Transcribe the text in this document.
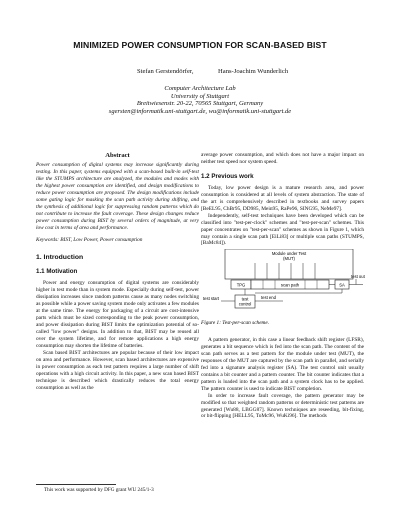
MINIMIZED POWER CONSUMPTION FOR SCAN-BASED BIST
Stefan Gerstendörfer,	Hans-Joachim Wunderlich
Computer Architecture Lab
University of Stuttgart
Breitwiesenstr. 20-22, 70565 Stuttgart, Germany
sgersten@informatik.uni-stuttgart.de, wu@informatik.uni-stuttgart.de
Abstract

Power consumption of digital systems may increase significantly during testing. In this paper, systems equipped with a scan-based built-in self-test like the STUMPS architecture are analyzed, the modules and modes with the highest power consumption are identified, and design modifications to reduce power consumption are proposed. The design modifications include some gating logic for masking the scan path activity during shifting, and the synthesis of additional logic for suppressing random patterns which do not contribute to increase the fault coverage. These design changes reduce power consumption during BIST by several orders of magnitude, at very low cost in terms of area and performance.

Keywords: BIST, Low Power, Power consumption

1. Introduction
1.1 Motivation

Power and energy consumption of digital systems are considerably higher in test mode than in system mode. Especially during self-test, power dissipation increases since random patterns cause as many nodes switching as possible while a power saving system mode only activates a few modules at the same time. The energy for packaging of a circuit are cost-intensive parts which must be sized corresponding to the peak power consumption, and power dissipation during BIST limits the optimization potential of so-called "low power" designs. In addition to that, BIST may be reused all over the system lifetime, and for remote applications a high energy consumption may shorten the lifetime of batteries.

Scan based BIST architectures are popular because of their low impact on area and performance. However, scan based architectures are expensive in power consumption as each test pattern requires a large number of shift operations with a high circuit activity. In this paper, a new scan based BIST technique is described which drastically reduces the total energy consumption as well as the

average power consumption, and which does not have a major impact on neither test speed nor system speed.

1.2 Previous work

Today, low power design is a mature research area, and power consumption is considered at all levels of system abstraction. The state of the art is comprehensively described in textbooks and survey papers [BeEL95, ChBr95, DD985, Mein95, RaPe96, SING95, NeMe97].

Independently, self-test techniques have been developed which can be classified into "test-per-clock" schemes and "test-per-scan" schemes. This paper concentrates on "test-per-scan" schemes as shown in Figure 1, which may contain a single scan path [EiLi83] or multiple scan paths (STUMPS, [BaMc84]).

Module under Test
(MUT)
TPG	scan path	SA
test out
test
control
test start	test end
Figure 1: Test-per-scan scheme.

A pattern generator, in this case a linear feedback shift register (LFSR), generates a bit sequence which is fed into the scan path. The content of the scan path serves as a test pattern for the module under test (MUT), the responses of the MUT are captured by the scan path in parallel, and serially fed into a signature analysis register (SA). The test control unit usually contains a bit counter and a pattern counter. The bit counter indicates that a pattern is loaded into the scan path and a system clock has to be applied. The pattern counter is used to indicate BIST completion.

In order to increase fault coverage, the pattern generator may be modified so that weighted random patterns or deterministic test patterns are generated [Wu88, LBGG87]. Known techniques are reseeding, bit-fixing, or bit-flipping [HELL95, ToMc96, WuKi96]. The methods

This work was supported by DFG grant WU 245/1-3
